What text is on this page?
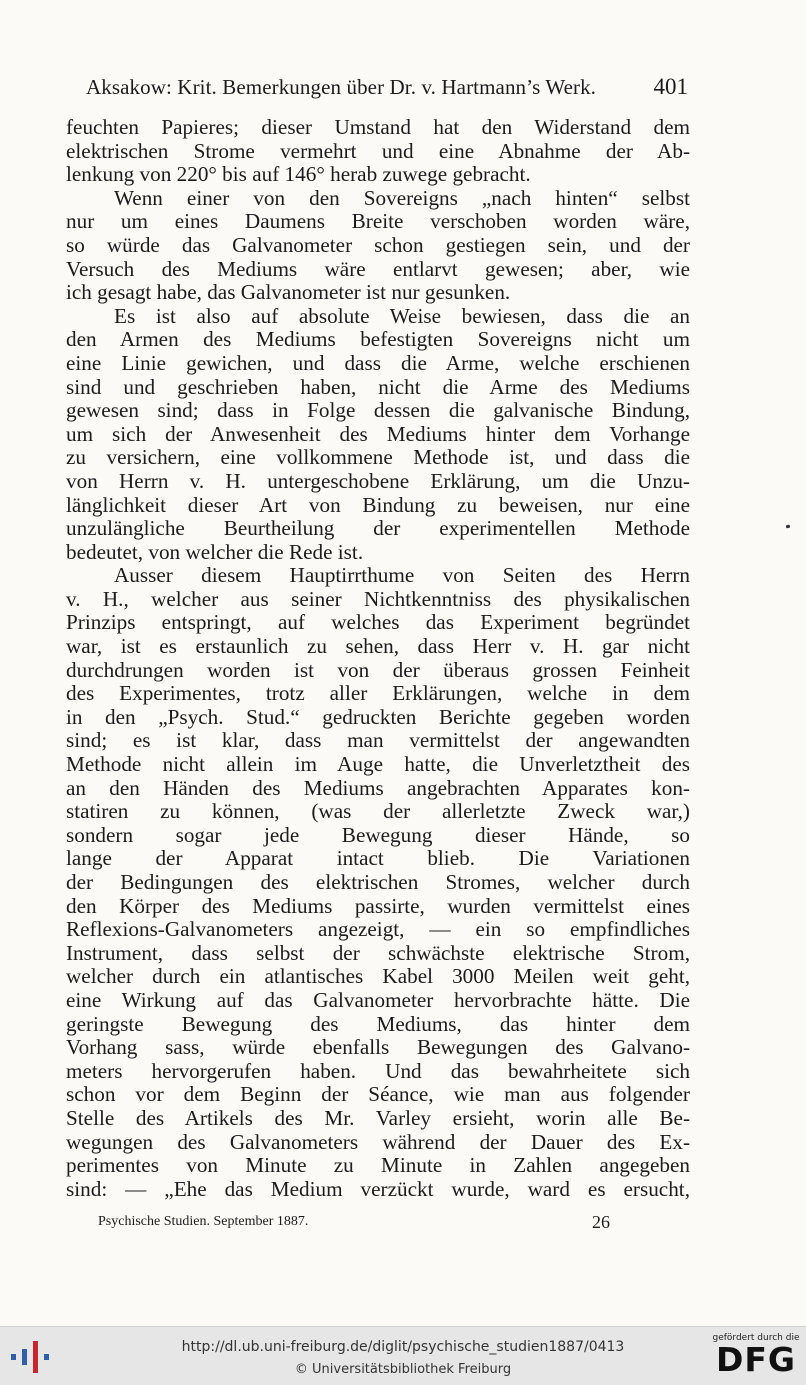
Aksakow: Krit. Bemerkungen über Dr. v. Hartmann’s Werk. 401
feuchten Papieres; dieser Umstand hat den Widerstand dem
elektrischen Strome vermehrt und eine Abnahme der Ab-
lenkung von 220° bis auf 146° herab zuwege gebracht.
Wenn einer von den Sovereigns „nach hinten“ selbst
nur um eines Daumens Breite verschoben worden wäre,
so würde das Galvanometer schon gestiegen sein, und der
Versuch des Mediums wäre entlarvt gewesen; aber, wie
ich gesagt habe, das Galvanometer ist nur gesunken.
Es ist also auf absolute Weise bewiesen, dass die an
den Armen des Mediums befestigten Sovereigns nicht um
eine Linie gewichen, und dass die Arme, welche erschienen
sind und geschrieben haben, nicht die Arme des Mediums
gewesen sind; dass in Folge dessen die galvanische Bindung,
um sich der Anwesenheit des Mediums hinter dem Vorhange
zu versichern, eine vollkommene Methode ist, und dass die
von Herrn v. H. untergeschobene Erklärung, um die Unzu-
länglichkeit dieser Art von Bindung zu beweisen, nur eine
unzulängliche Beurtheilung der experimentellen Methode
bedeutet, von welcher die Rede ist.
Ausser diesem Hauptirrthume von Seiten des Herrn
v. H., welcher aus seiner Nichtkenntniss des physikalischen
Prinzips entspringt, auf welches das Experiment begründet
war, ist es erstaunlich zu sehen, dass Herr v. H. gar nicht
durchdrungen worden ist von der überaus grossen Feinheit
des Experimentes, trotz aller Erklärungen, welche in dem
in den „Psych. Stud.“ gedruckten Berichte gegeben worden
sind; es ist klar, dass man vermittelst der angewandten
Methode nicht allein im Auge hatte, die Unverletztheit des
an den Händen des Mediums angebrachten Apparates kon-
statiren zu können, (was der allerletzte Zweck war,)
sondern sogar jede Bewegung dieser Hände, so
lange der Apparat intact blieb. Die Variationen
der Bedingungen des elektrischen Stromes, welcher durch
den Körper des Mediums passirte, wurden vermittelst eines
Reflexions-Galvanometers angezeigt, — ein so empfindliches
Instrument, dass selbst der schwächste elektrische Strom,
welcher durch ein atlantisches Kabel 3000 Meilen weit geht,
eine Wirkung auf das Galvanometer hervorbrachte hätte. Die
geringste Bewegung des Mediums, das hinter dem
Vorhang sass, würde ebenfalls Bewegungen des Galvano-
meters hervorgerufen haben. Und das bewahrheitete sich
schon vor dem Beginn der Séance, wie man aus folgender
Stelle des Artikels des Mr. Varley ersieht, worin alle Be-
wegungen des Galvanometers während der Dauer des Ex-
perimentes von Minute zu Minute in Zahlen angegeben
sind: — „Ehe das Medium verzückt wurde, ward es ersucht,
Psychische Studien. September 1887.	26
http://dl.ub.uni-freiburg.de/diglit/psychische_studien1887/0413
© Universitätsbibliothek Freiburg
gefördert durch die
DFG
